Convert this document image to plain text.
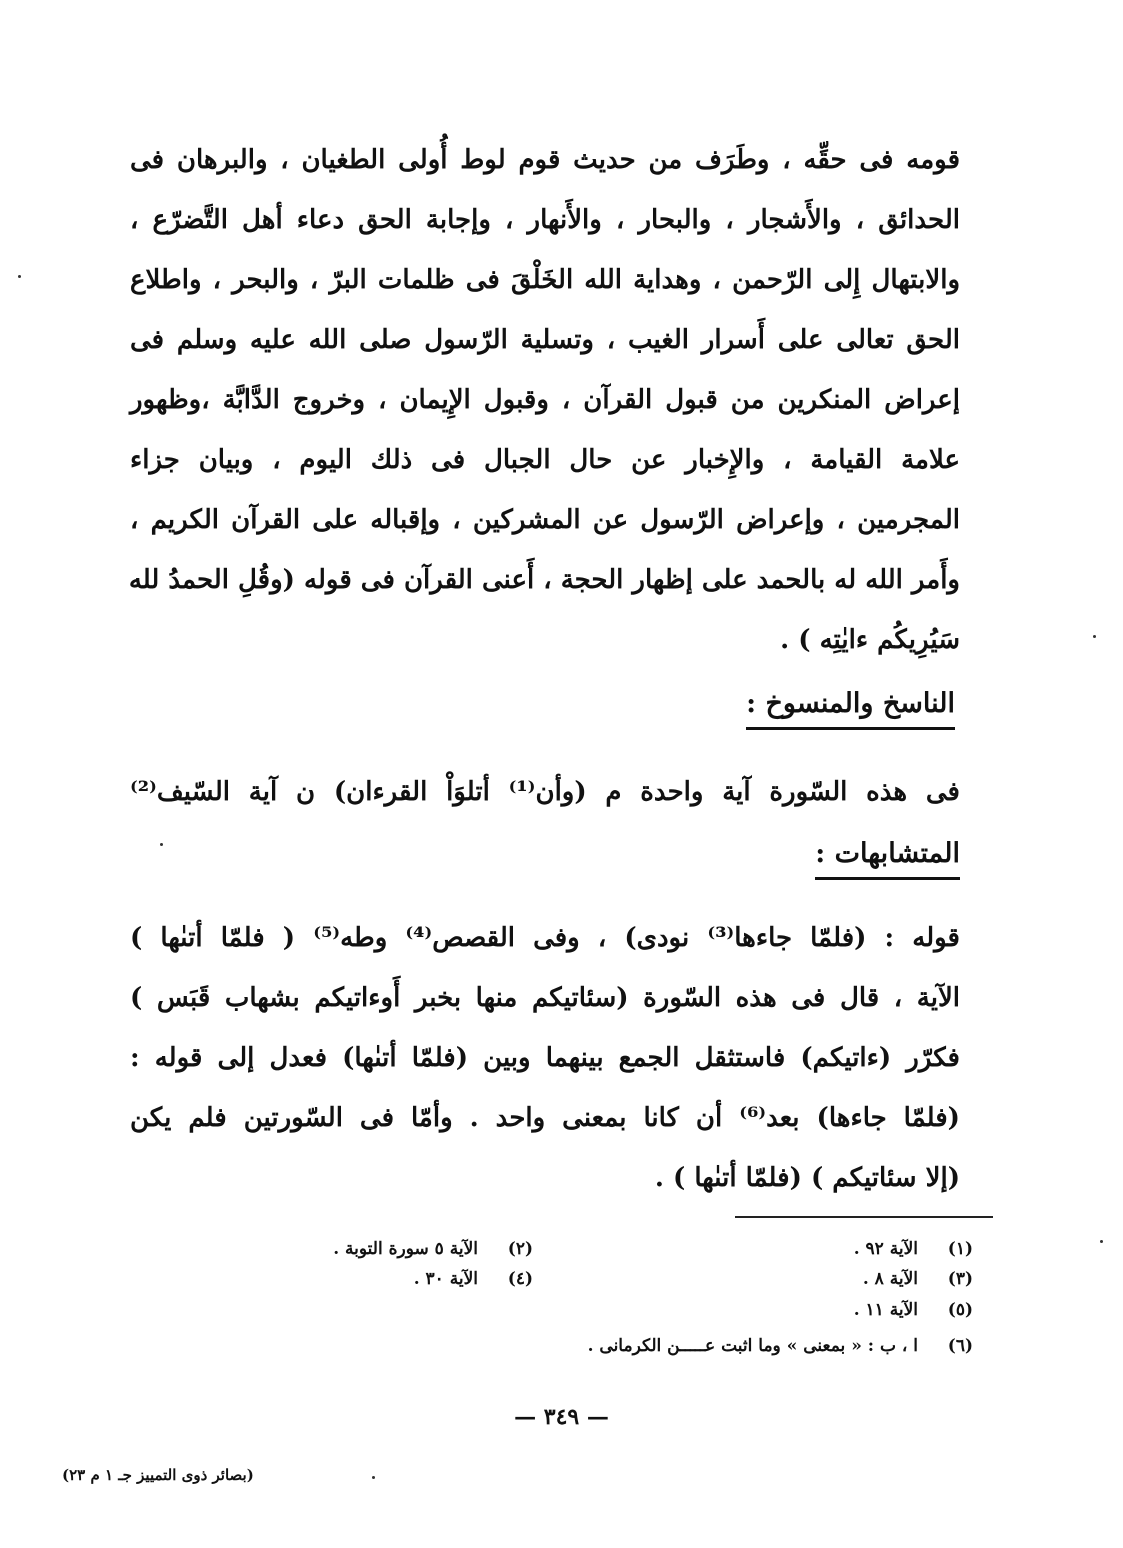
قومه فى حقِّه ، وطَرَف من حديث قوم لوط أُولى الطغيان ، والبرهان فى
الحدائق ، والأَشجار ، والبحار ، والأَنهار ، وإجابة الحق دعاء أهل التَّضرّع ،
والابتهال إِلى الرّحمن ، وهداية الله الخَلْقَ فى ظلمات البرّ ، والبحر ، واطلاع
الحق تعالى على أَسرار الغيب ، وتسلية الرّسول صلى الله عليه وسلم فى
إعراض المنكرين من قبول القرآن ، وقبول الإِيمان ، وخروج الدَّابَّة ،وظهور
علامة القيامة ، والإِخبار عن حال الجبال فى ذلك اليوم ، وبيان جزاء
المجرمين ، وإعراض الرّسول عن المشركين ، وإقباله على القرآن الكريم ،
وأَمر الله له بالحمد على إظهار الحجة ، أَعنى القرآن فى قوله (وقُلِ الحمدُ لله
سَيُرِيكُم ءايٰتِه ) .
الناسخ والمنسوخ :
فى هذه السّورة آية واحدة م (وأن⁽¹⁾ أتلوَاْ القرءان) ن آية السّيف⁽²⁾
المتشابهات :
قوله : (فلمّا جاءها⁽³⁾ نودى) ، وفى القصص⁽⁴⁾ وطه⁽⁵⁾ ( فلمّا أتىٰها )
الآية ، قال فى هذه السّورة (سئاتيكم منها بخبر أَوءاتيكم بشهاب قَبَس )
فكرّر (ءاتيكم) فاستثقل الجمع بينهما وبين (فلمّا أتىٰها) فعدل إلى قوله :
(فلمّا جاءها) بعد⁽⁶⁾ أن كانا بمعنى واحد . وأمّا فى السّورتين فلم يكن
(إلا سئاتيكم ) (فلمّا أتىٰها ) .
(١)الآية ٩٢ .
(٣)الآية ٨ .
(٥)الآية ١١ .
(٦)ا ، ب : « بمعنى » وما اثبت عـــــن الكرمانى .
(٢)الآية ٥ سورة التوبة .
(٤)الآية ٣٠ .
— ٣٤٩ —
(بصائر ذوى التمييز جـ ١ م ٢٣)
